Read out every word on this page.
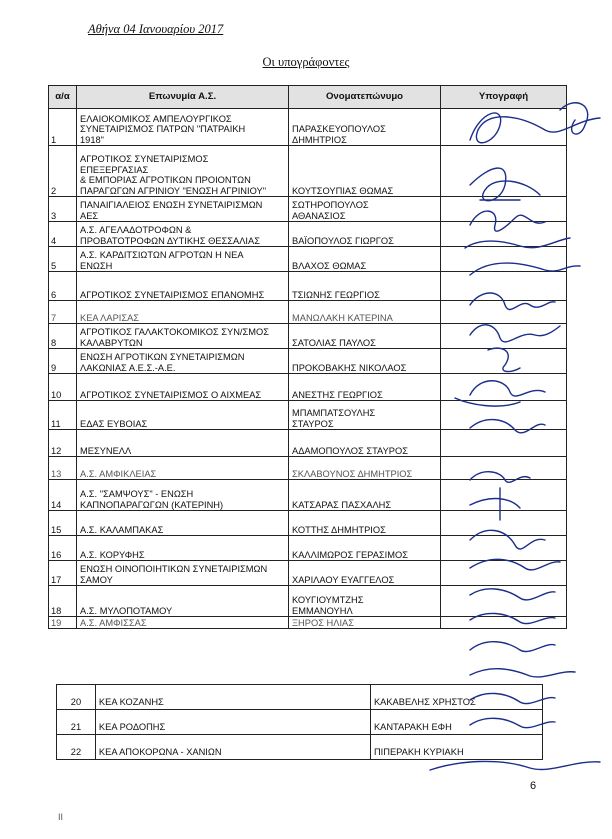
Αθήνα 04 Ιανουαρίου 2017
Οι υπογράφοντες
α/α	Επωνυμία Α.Σ.	Ονοματεπώνυμο	Υπογραφή
1	ΕΛΑΙΟΚΟΜΙΚΟΣ ΑΜΠΕΛΟΥΡΓΙΚΟΣ
ΣΥΝΕΤΑΙΡΙΣΜΟΣ ΠΑΤΡΩΝ "ΠΑΤΡΑΙΚΗ
1918"	ΠΑΡΑΣΚΕΥΟΠΟΥΛΟΣ
ΔΗΜΗΤΡΙΟΣ	
2	ΑΓΡΟΤΙΚΟΣ ΣΥΝΕΤΑΙΡΙΣΜΟΣ
ΕΠΕΞΕΡΓΑΣΙΑΣ
& ΕΜΠΟΡΙΑΣ ΑΓΡΟΤΙΚΩΝ ΠΡΟΙΟΝΤΩΝ
ΠΑΡΑΓΩΓΩΝ ΑΓΡΙΝΙΟΥ "ΕΝΩΣΗ ΑΓΡΙΝΙΟΥ"	ΚΟΥΤΣΟΥΠΙΑΣ ΘΩΜΑΣ	
3	ΠΑΝΑΙΓΙΑΛΕΙΟΣ ΕΝΩΣΗ ΣΥΝΕΤΑΙΡΙΣΜΩΝ
ΑΕΣ	ΣΩΤΗΡΟΠΟΥΛΟΣ
ΑΘΑΝΑΣΙΟΣ	
4	Α.Σ. ΑΓΕΛΑΔΟΤΡΟΦΩΝ &
ΠΡΟΒΑΤΟΤΡΟΦΩΝ ΔΥΤΙΚΗΣ ΘΕΣΣΑΛΙΑΣ	ΒΑΪΟΠΟΥΛΟΣ ΓΙΩΡΓΟΣ	
5	Α.Σ. ΚΑΡΔΙΤΣΙΩΤΩΝ ΑΓΡΟΤΩΝ Η ΝΕΑ
ΕΝΩΣΗ	ΒΛΑΧΟΣ ΘΩΜΑΣ	
6	ΑΓΡΟΤΙΚΟΣ ΣΥΝΕΤΑΙΡΙΣΜΟΣ ΕΠΑΝΟΜΗΣ	ΤΣΙΩΝΗΣ ΓΕΩΡΓΙΟΣ	
7	ΚΕΑ ΛΑΡΙΣΑΣ	ΜΑΝΩΛΑΚΗ ΚΑΤΕΡΙΝΑ	
8	ΑΓΡΟΤΙΚΟΣ ΓΑΛΑΚΤΟΚΟΜΙΚΟΣ ΣΥΝ/ΣΜΟΣ
ΚΑΛΑΒΡΥΤΩΝ	ΣΑΤΟΛΙΑΣ ΠΑΥΛΟΣ	
9	ΕΝΩΣΗ ΑΓΡΟΤΙΚΩΝ ΣΥΝΕΤΑΙΡΙΣΜΩΝ
ΛΑΚΩΝΙΑΣ Α.Ε.Σ.-Α.Ε.	ΠΡΟΚΟΒΑΚΗΣ ΝΙΚΟΛΑΟΣ	
10	ΑΓΡΟΤΙΚΟΣ ΣΥΝΕΤΑΙΡΙΣΜΟΣ Ο ΑΙΧΜΕΑΣ	ΑΝΕΣΤΗΣ ΓΕΩΡΓΙΟΣ	
11	ΕΔΑΣ ΕΥΒΟΙΑΣ	ΜΠΑΜΠΑΤΣΟΥΛΗΣ
ΣΤΑΥΡΟΣ	
12	ΜΕΣΥΝΕΛΛ	ΑΔΑΜΟΠΟΥΛΟΣ ΣΤΑΥΡΟΣ	
13	Α.Σ. ΑΜΦΙΚΛΕΙΑΣ	ΣΚΛΑΒΟΥΝΟΣ ΔΗΜΗΤΡΙΟΣ	
14	Α.Σ. "ΣΑΜΨΟΥΣ" - ΕΝΩΣΗ
ΚΑΠΝΟΠΑΡΑΓΩΓΩΝ (ΚΑΤΕΡΙΝΗ)	ΚΑΤΣΑΡΑΣ ΠΑΣΧΑΛΗΣ	
15	Α.Σ. ΚΑΛΑΜΠΑΚΑΣ	ΚΟΤΤΗΣ ΔΗΜΗΤΡΙΟΣ	
16	Α.Σ. ΚΟΡΥΦΗΣ	ΚΑΛΛΙΜΩΡΟΣ ΓΕΡΑΣΙΜΟΣ	
17	ΕΝΩΣΗ ΟΙΝΟΠΟΙΗΤΙΚΩΝ ΣΥΝΕΤΑΙΡΙΣΜΩΝ
ΣΑΜΟΥ	ΧΑΡΙΛΑΟΥ ΕΥΑΓΓΕΛΟΣ	
18	Α.Σ. ΜΥΛΟΠΟΤΑΜΟΥ	ΚΟΥΓΙΟΥΜΤΖΗΣ
ΕΜΜΑΝΟΥΗΛ	
19	Α.Σ. ΑΜΦΙΣΣΑΣ	ΞΗΡΟΣ ΗΛΙΑΣ	
20	ΚΕΑ ΚΟΖΑΝΗΣ	ΚΑΚΑΒΕΛΗΣ ΧΡΗΣΤΟΣ
21	ΚΕΑ ΡΟΔΟΠΗΣ	ΚΑΝΤΑΡΑΚΗ ΕΦΗ
22	ΚΕΑ ΑΠΟΚΟΡΩΝΑ - ΧΑΝΙΩΝ	ΠΙΠΕΡΑΚΗ ΚΥΡΙΑΚΗ
6
ΙΙ
